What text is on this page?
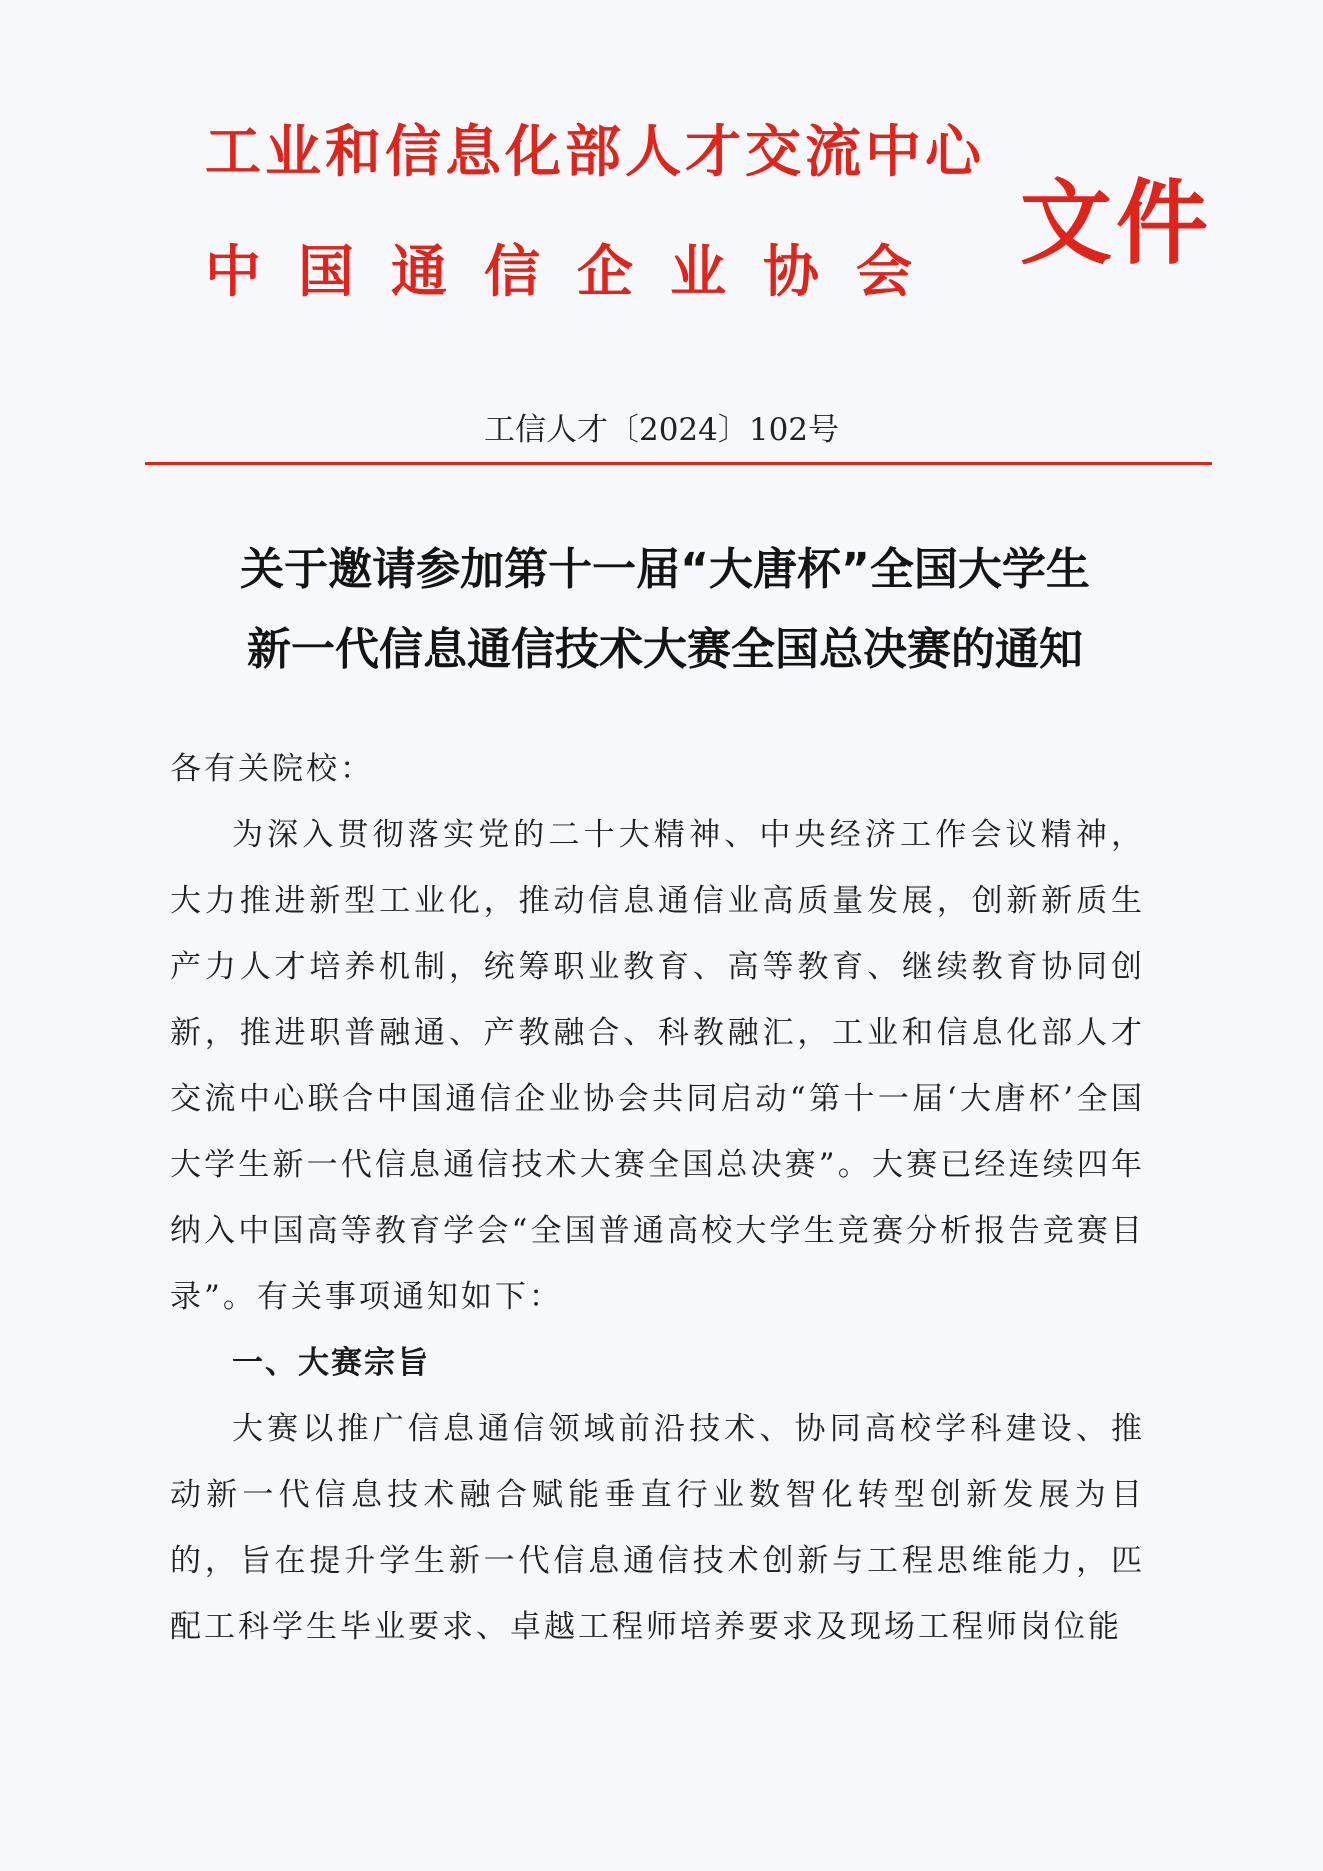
工业和信息化部人才交流中心
中国通信企业协会 文件
工信人才〔2024〕102号
关于邀请参加第十一届“大唐杯”全国大学生
新一代信息通信技术大赛全国总决赛的通知
各有关院校：
为深入贯彻落实党的二十大精神、中央经济工作会议精神，大力推进新型工业化，推动信息通信业高质量发展，创新新质生产力人才培养机制，统筹职业教育、高等教育、继续教育协同创新，推进职普融通、产教融合、科教融汇，工业和信息化部人才交流中心联合中国通信企业协会共同启动“第十一届‘大唐杯’全国大学生新一代信息通信技术大赛全国总决赛”。大赛已经连续四年纳入中国高等教育学会“全国普通高校大学生竞赛分析报告竞赛目录”。有关事项通知如下：
一、大赛宗旨
大赛以推广信息通信领域前沿技术、协同高校学科建设、推动新一代信息技术融合赋能垂直行业数智化转型创新发展为目的，旨在提升学生新一代信息通信技术创新与工程思维能力，匹配工科学生毕业要求、卓越工程师培养要求及现场工程师岗位能
